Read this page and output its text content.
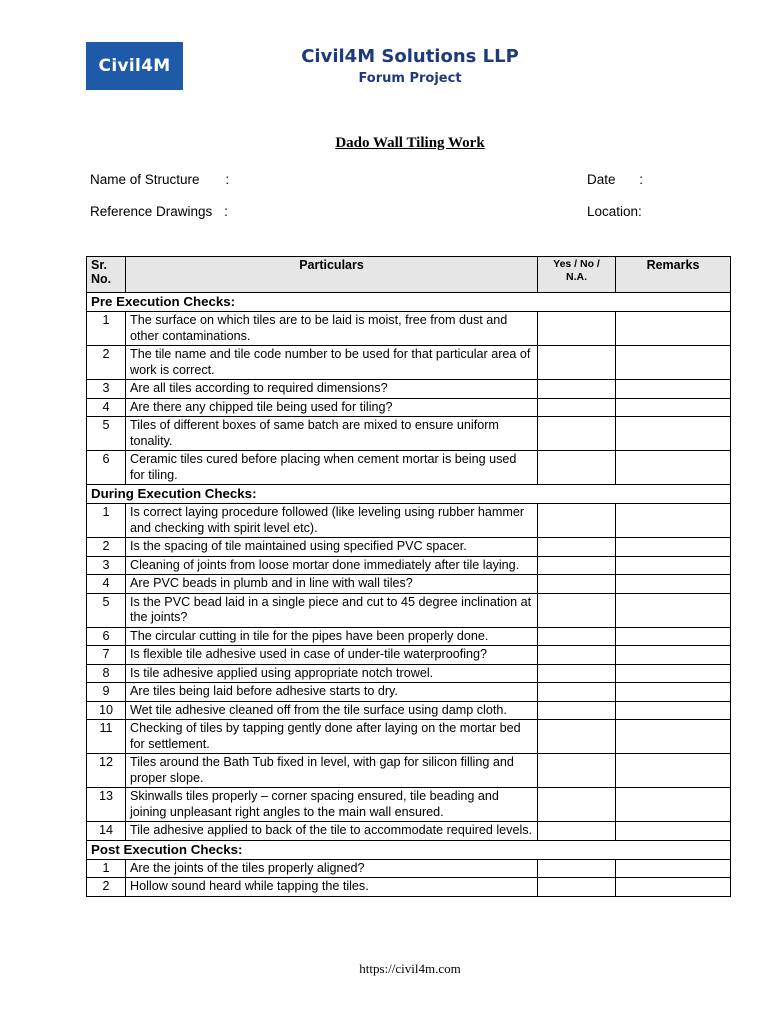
Civil4M	Civil4M Solutions LLP
Forum Project
Dado Wall Tiling Work
Name of Structure :
Reference Drawings :
Date :
Location:
Sr. No.	Particulars	Yes / No / N.A.	Remarks
Pre Execution Checks:			
1	The surface on which tiles are to be laid is moist, free from dust and other contaminations.		
2	The tile name and tile code number to be used for that particular area of work is correct.		
3	Are all tiles according to required dimensions?		
4	Are there any chipped tile being used for tiling?		
5	Tiles of different boxes of same batch are mixed to ensure uniform tonality.		
6	Ceramic tiles cured before placing when cement mortar is being used for tiling.		
During Execution Checks:			
1	Is correct laying procedure followed (like leveling using rubber hammer and checking with spirit level etc).		
2	Is the spacing of tile maintained using specified PVC spacer.		
3	Cleaning of joints from loose mortar done immediately after tile laying.		
4	Are PVC beads in plumb and in line with wall tiles?		
5	Is the PVC bead laid in a single piece and cut to 45 degree inclination at the joints?		
6	The circular cutting in tile for the pipes have been properly done.		
7	Is flexible tile adhesive used in case of under-tile waterproofing?		
8	Is tile adhesive applied using appropriate notch trowel.		
9	Are tiles being laid before adhesive starts to dry.		
10	Wet tile adhesive cleaned off from the tile surface using damp cloth.		
11	Checking of tiles by tapping gently done after laying on the mortar bed for settlement.		
12	Tiles around the Bath Tub fixed in level, with gap for silicon filling and proper slope.		
13	Skinwalls tiles properly – corner spacing ensured, tile beading and joining unpleasant right angles to the main wall ensured.		
14	Tile adhesive applied to back of the tile to accommodate required levels.		
Post Execution Checks:			
1	Are the joints of the tiles properly aligned?		
2	Hollow sound heard while tapping the tiles.		
https://civil4m.com
